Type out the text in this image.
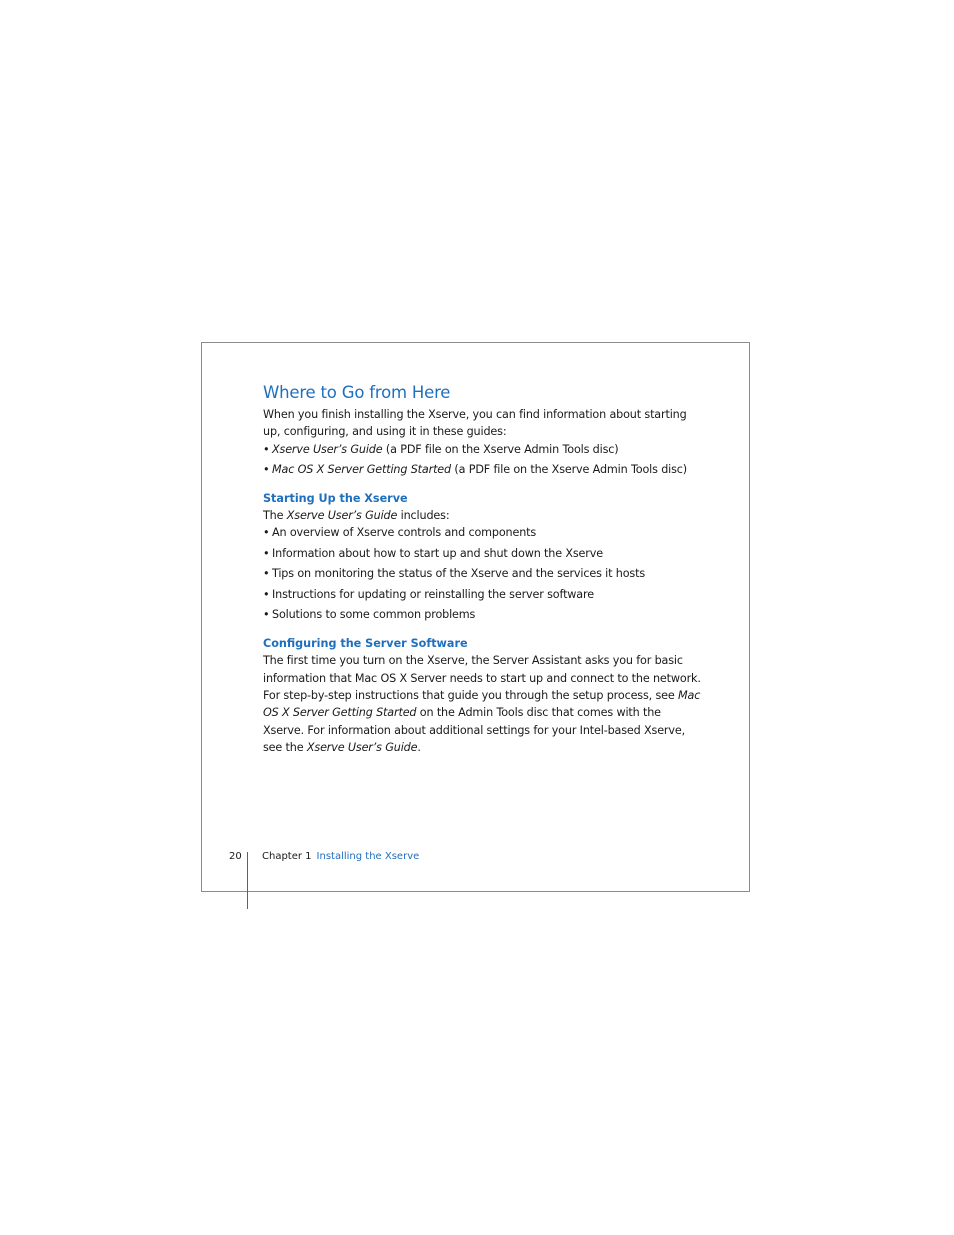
Where to Go from Here

When you finish installing the Xserve, you can find information about starting up, configuring, and using it in these guides:

• Xserve User’s Guide (a PDF file on the Xserve Admin Tools disc)
• Mac OS X Server Getting Started (a PDF file on the Xserve Admin Tools disc)
Starting Up the Xserve

The Xserve User’s Guide includes:

• An overview of Xserve controls and components
• Information about how to start up and shut down the Xserve
• Tips on monitoring the status of the Xserve and the services it hosts
• Instructions for updating or reinstalling the server software
• Solutions to some common problems
Configuring the Server Software

The first time you turn on the Xserve, the Server Assistant asks you for basic information that Mac OS X Server needs to start up and connect to the network. For step-by-step instructions that guide you through the setup process, see Mac OS X Server Getting Started on the Admin Tools disc that comes with the Xserve. For information about additional settings for your Intel-based Xserve, see the Xserve User’s Guide.

20 Chapter 1 Installing the Xserve
